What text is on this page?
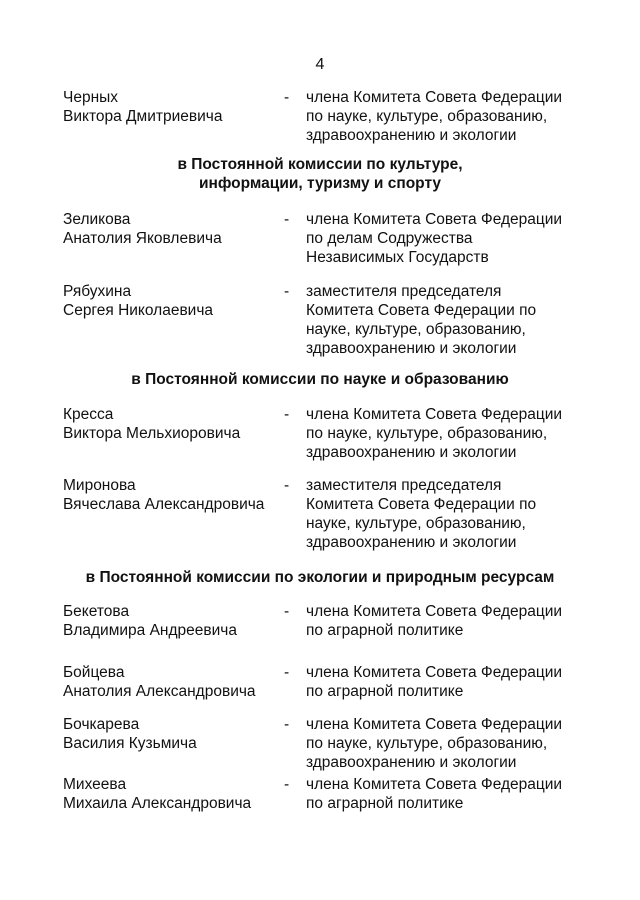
4
Черных
Виктора Дмитриевича
-	члена Комитета Совета Федерации
по науке, культуре, образованию,
здравоохранению и экологии
в Постоянной комиссии по культуре,
информации, туризму и спорту
Зеликова
Анатолия Яковлевича
-	члена Комитета Совета Федерации
по делам Содружества
Независимых Государств
Рябухина
Сергея Николаевича
-	заместителя председателя
Комитета Совета Федерации по
науке, культуре, образованию,
здравоохранению и экологии
в Постоянной комиссии по науке и образованию
Кресса
Виктора Мельхиоровича
-	члена Комитета Совета Федерации
по науке, культуре, образованию,
здравоохранению и экологии
Миронова
Вячеслава Александровича
-	заместителя председателя
Комитета Совета Федерации по
науке, культуре, образованию,
здравоохранению и экологии
в Постоянной комиссии по экологии и природным ресурсам
Бекетова
Владимира Андреевича
-	члена Комитета Совета Федерации
по аграрной политике
Бойцева
Анатолия Александровича
-	члена Комитета Совета Федерации
по аграрной политике
Бочкарева
Василия Кузьмича
-	члена Комитета Совета Федерации
по науке, культуре, образованию,
здравоохранению и экологии
Михеева
Михаила Александровича
-	члена Комитета Совета Федерации
по аграрной политике
